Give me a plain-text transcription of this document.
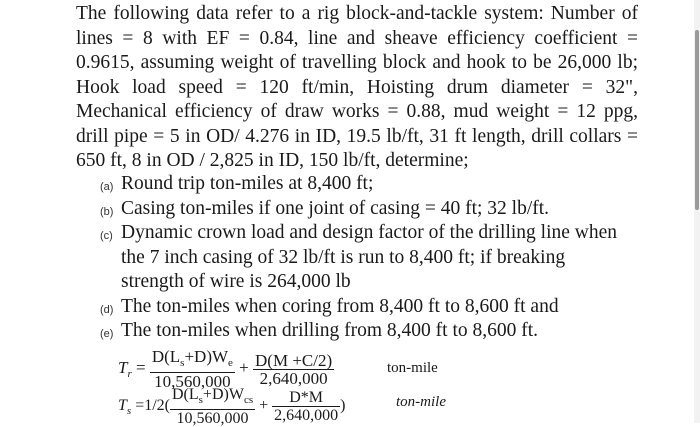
The following data refer to a rig block-and-tackle system: Number of lines = 8 with EF = 0.84, line and sheave efficiency coefficient = 0.9615, assuming weight of travelling block and hook to be 26,000 lb; Hook load speed = 120 ft/min, Hoisting drum diameter = 32", Mechanical efficiency of draw works = 0.88, mud weight = 12 ppg, drill pipe = 5 in OD/ 4.276 in ID, 19.5 lb/ft, 31 ft length, drill collars = 650 ft, 8 in OD / 2,825 in ID, 150 lb/ft, determine;

(a) Round trip ton-miles at 8,400 ft;
(b) Casing ton-miles if one joint of casing = 40 ft; 32 lb/ft.
(c) Dynamic crown load and design factor of the drilling line when the 7 inch casing of 32 lb/ft is run to 8,400 ft; if breaking strength of wire is 264,000 lb
(d) The ton-miles when coring from 8,400 ft to 8,600 ft and
(e) The ton-miles when drilling from 8,400 ft to 8,600 ft.
$T_r = \frac{D(L_s+D)W_e}{10,560,000} + \frac{D(M +C/2)}{2,640,000}$	ton-mile
$T_s =1/2( \frac{D(L_s+D)W_{cs}}{10,560,000} + \frac{D*M}{2,640,000}$ )	ton-mile
